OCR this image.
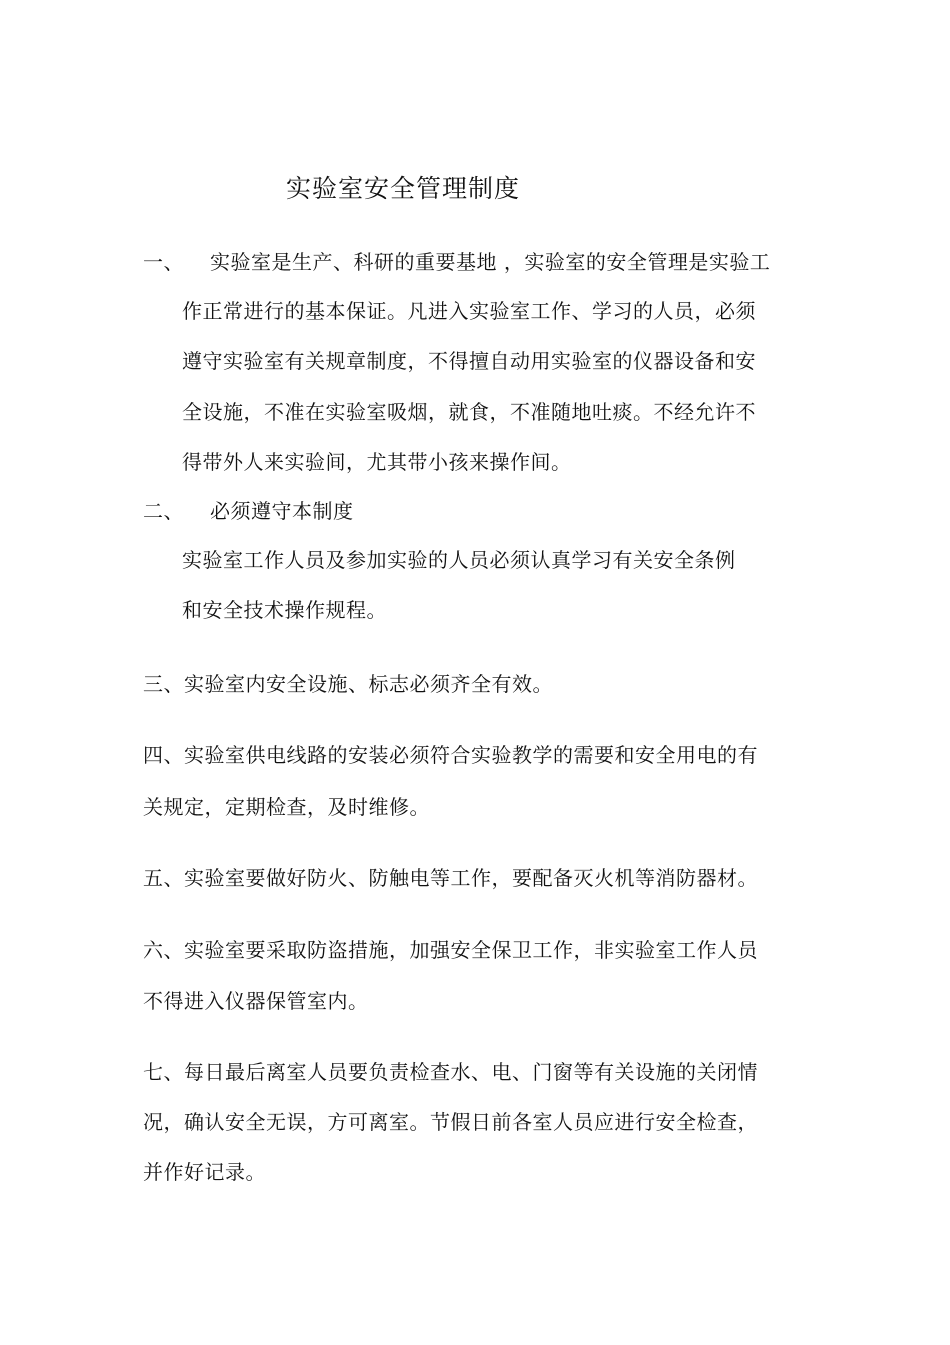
实验室安全管理制度
一、 实验室是生产、科研的重要基地 ，实验室的安全管理是实验工
作正常进行的基本保证。凡进入实验室工作、学习的人员，必须
遵守实验室有关规章制度，不得擅自动用实验室的仪器设备和安
全设施，不准在实验室吸烟，就食，不准随地吐痰。不经允许不
得带外人来实验间，尤其带小孩来操作间。
二、 必须遵守本制度
实验室工作人员及参加实验的人员必须认真学习有关安全条例
和安全技术操作规程。
三、实验室内安全设施、标志必须齐全有效。
四、实验室供电线路的安装必须符合实验教学的需要和安全用电的有
关规定，定期检查，及时维修。
五、实验室要做好防火、防触电等工作，要配备灭火机等消防器材。
六、实验室要采取防盗措施，加强安全保卫工作，非实验室工作人员
不得进入仪器保管室内。
七、每日最后离室人员要负责检查水、电、门窗等有关设施的关闭情
况，确认安全无误，方可离室。节假日前各室人员应进行安全检查，
并作好记录。
